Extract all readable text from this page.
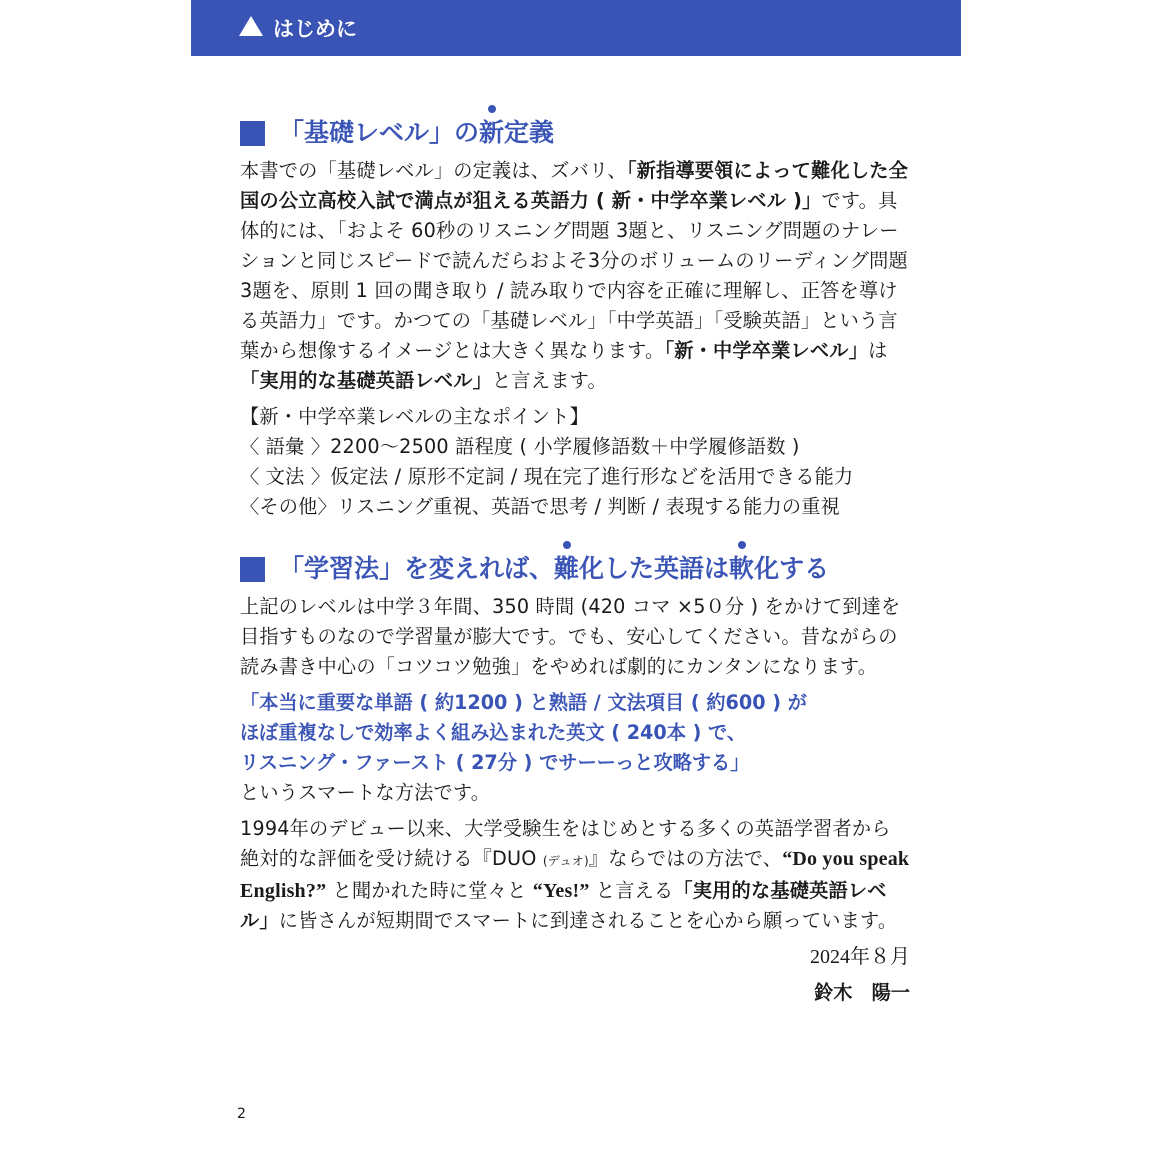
はじめに
「基礎レベル」の 新 定義

本書での「基礎レベル」の定義は、ズバリ、「新指導要領によって難化した全国の公立高校入試で満点が狙える英語力 ( 新・中学卒業レベル )」です。具体的には、「およそ 60秒のリスニング問題 3題と、リスニング問題のナレーションと同じスピードで読んだらおよそ3分のボリュームのリーディング問題 3題を、原則 1 回の聞き取り / 読み取りで内容を正確に理解し、正答を導ける英語力」です。かつての「基礎レベル」「中学英語」「受験英語」という言葉から想像するイメージとは大きく異なります。「新・中学卒業レベル」は「実用的な基礎英語レベル」と言えます。

【新・中学卒業レベルの主なポイント】

〈 語彙 〉2200〜2500 語程度 ( 小学履修語数＋中学履修語数 )

〈 文法 〉仮定法 / 原形不定詞 / 現在完了進行形などを活用できる能力

〈その他〉リスニング重視、英語で思考 / 判断 / 表現する能力の重視

「学習法」を変えれば、 難 化した英語は 軟 化する

上記のレベルは中学３年間、350 時間 (420 コマ ×5０分 ) をかけて到達を目指すものなので学習量が膨大です。でも、安心してください。昔ながらの読み書き中心の「コツコツ勉強」をやめれば劇的にカンタンになります。

「本当に重要な単語 ( 約1200 ) と熟語 / 文法項目 ( 約600 ) が

ほぼ重複なしで効率よく組み込まれた英文 ( 240本 ) で、

リスニング・ファースト ( 27分 ) でサーーっと攻略する」

というスマートな方法です。

1994年のデビュー以来、大学受験生をはじめとする多くの英語学習者から絶対的な評価を受け続ける『DUO (デュオ)』ならではの方法で、“Do you speak English?” と聞かれた時に堂々と “Yes!” と言える「実用的な基礎英語レベル」に皆さんが短期間でスマートに到達されることを心から願っています。

2024年８月
鈴木　陽一
2
